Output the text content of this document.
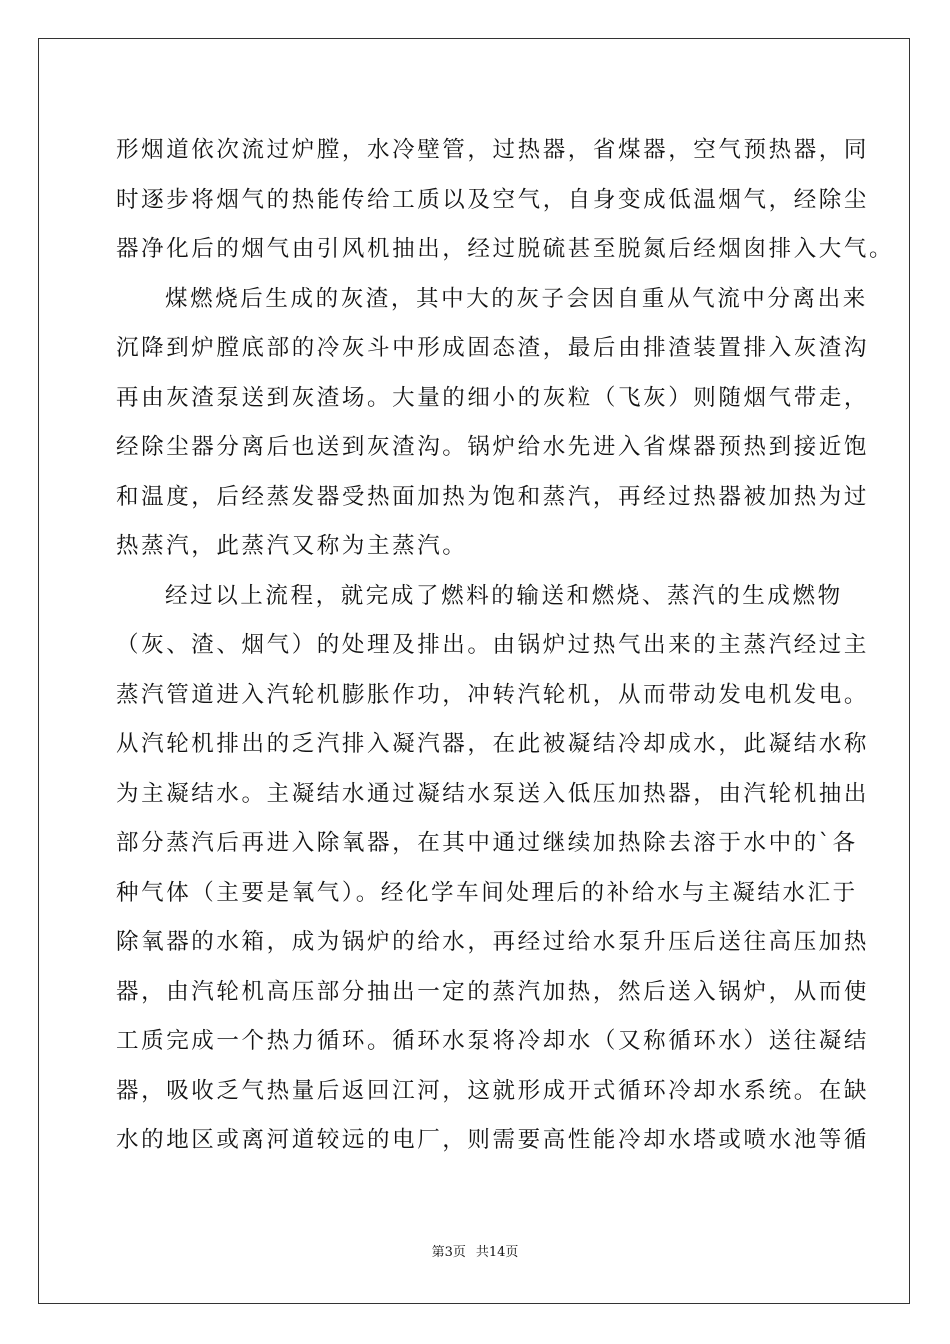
形烟道依次流过炉膛，水冷壁管，过热器，省煤器，空气预热器，同
时逐步将烟气的热能传给工质以及空气，自身变成低温烟气，经除尘
器净化后的烟气由引风机抽出，经过脱硫甚至脱氮后经烟囱排入大气。
煤燃烧后生成的灰渣，其中大的灰子会因自重从气流中分离出来
沉降到炉膛底部的冷灰斗中形成固态渣，最后由排渣装置排入灰渣沟
再由灰渣泵送到灰渣场。大量的细小的灰粒（飞灰）则随烟气带走，
经除尘器分离后也送到灰渣沟。锅炉给水先进入省煤器预热到接近饱
和温度，后经蒸发器受热面加热为饱和蒸汽，再经过热器被加热为过
热蒸汽，此蒸汽又称为主蒸汽。
经过以上流程，就完成了燃料的输送和燃烧、蒸汽的生成燃物
（灰、渣、烟气）的处理及排出。由锅炉过热气出来的主蒸汽经过主
蒸汽管道进入汽轮机膨胀作功，冲转汽轮机，从而带动发电机发电。
从汽轮机排出的乏汽排入凝汽器，在此被凝结冷却成水，此凝结水称
为主凝结水。主凝结水通过凝结水泵送入低压加热器，由汽轮机抽出
部分蒸汽后再进入除氧器，在其中通过继续加热除去溶于水中的`各
种气体（主要是氧气）。经化学车间处理后的补给水与主凝结水汇于
除氧器的水箱，成为锅炉的给水，再经过给水泵升压后送往高压加热
器，由汽轮机高压部分抽出一定的蒸汽加热，然后送入锅炉，从而使
工质完成一个热力循环。循环水泵将冷却水（又称循环水）送往凝结
器，吸收乏气热量后返回江河，这就形成开式循环冷却水系统。在缺
水的地区或离河道较远的电厂，则需要高性能冷却水塔或喷水池等循
第3页 共14页
